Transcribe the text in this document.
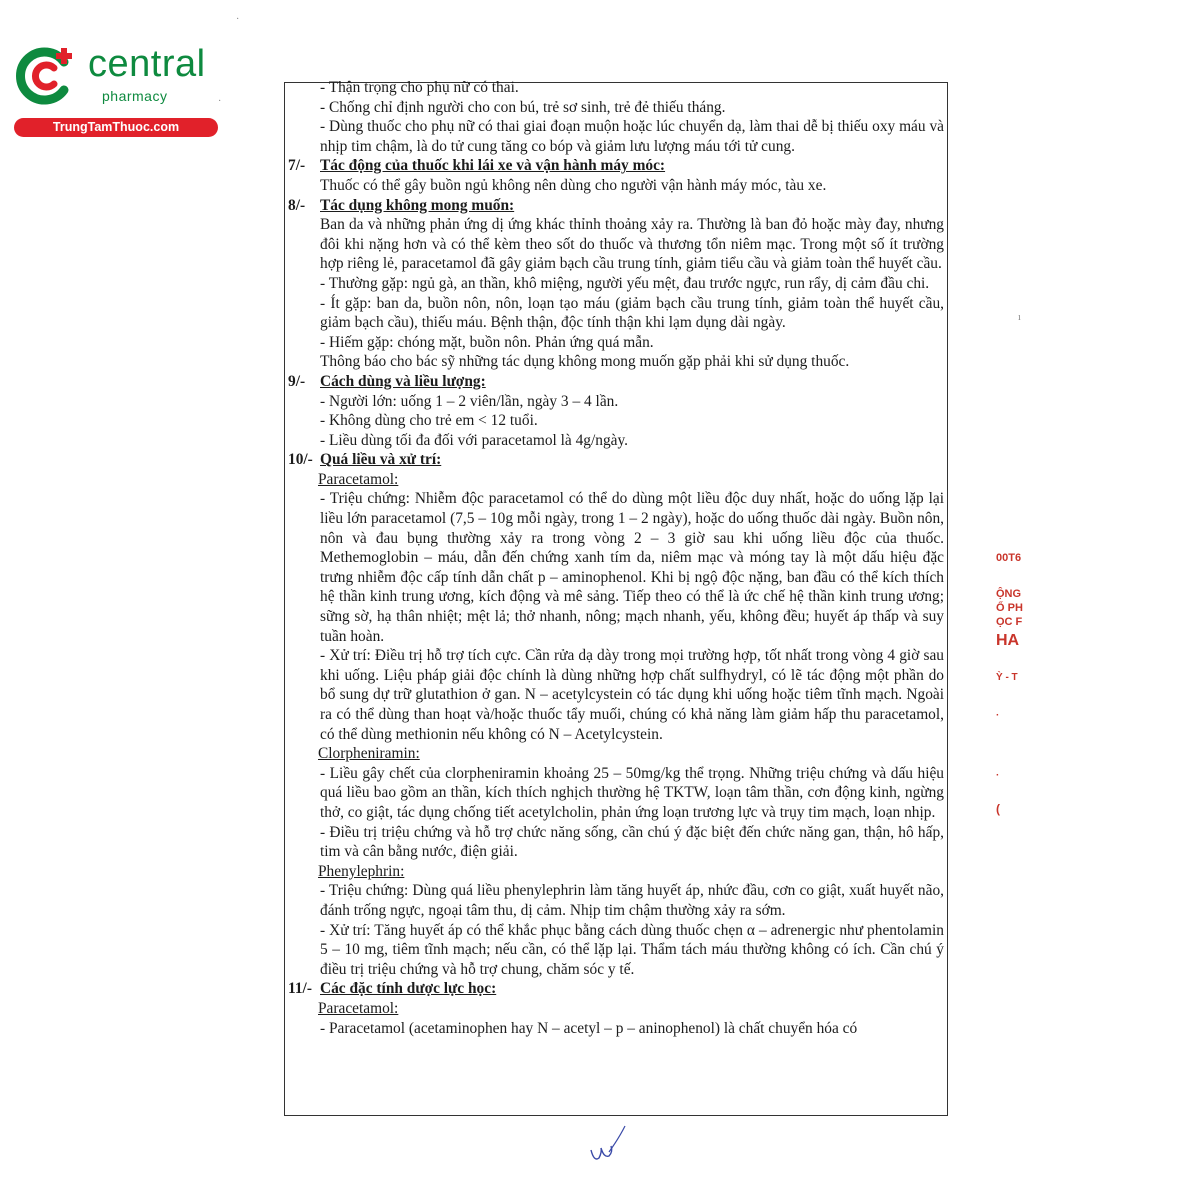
central
pharmacy
TrungTamThuoc.com
·
·
ı

- Thận trọng cho phụ nữ có thai.

- Chống chỉ định người cho con bú, trẻ sơ sinh, trẻ đẻ thiếu tháng.

- Dùng thuốc cho phụ nữ có thai giai đoạn muộn hoặc lúc chuyển dạ, làm thai dễ bị thiếu oxy máu và nhịp tim chậm, là do tử cung tăng co bóp và giảm lưu lượng máu tới tử cung.

7/- Tác động của thuốc khi lái xe và vận hành máy móc:

Thuốc có thể gây buồn ngủ không nên dùng cho người vận hành máy móc, tàu xe.

8/- Tác dụng không mong muốn:

Ban da và những phản ứng dị ứng khác thỉnh thoảng xảy ra. Thường là ban đỏ hoặc mày đay, nhưng đôi khi nặng hơn và có thể kèm theo sốt do thuốc và thương tổn niêm mạc. Trong một số ít trường hợp riêng lẻ, paracetamol đã gây giảm bạch cầu trung tính, giảm tiểu cầu và giảm toàn thể huyết cầu.

- Thường gặp: ngủ gà, an thần, khô miệng, người yếu mệt, đau trước ngực, run rẩy, dị cảm đầu chi.

- Ít gặp: ban da, buồn nôn, nôn, loạn tạo máu (giảm bạch cầu trung tính, giảm toàn thể huyết cầu, giảm bạch cầu), thiếu máu. Bệnh thận, độc tính thận khi lạm dụng dài ngày.

- Hiếm gặp: chóng mặt, buồn nôn. Phản ứng quá mẫn.

Thông báo cho bác sỹ những tác dụng không mong muốn gặp phải khi sử dụng thuốc.

9/- Cách dùng và liều lượng:

- Người lớn: uống 1 – 2 viên/lần, ngày 3 – 4 lần.

- Không dùng cho trẻ em < 12 tuổi.

- Liều dùng tối đa đối với paracetamol là 4g/ngày.

10/- Quá liều và xử trí:

Paracetamol:

- Triệu chứng: Nhiễm độc paracetamol có thể do dùng một liều độc duy nhất, hoặc do uống lặp lại liều lớn paracetamol (7,5 – 10g mỗi ngày, trong 1 – 2 ngày), hoặc do uống thuốc dài ngày. Buồn nôn, nôn và đau bụng thường xảy ra trong vòng 2 – 3 giờ sau khi uống liều độc của thuốc. Methemoglobin – máu, dẫn đến chứng xanh tím da, niêm mạc và móng tay là một dấu hiệu đặc trưng nhiễm độc cấp tính dẫn chất p – aminophenol. Khi bị ngộ độc nặng, ban đầu có thể kích thích hệ thần kinh trung ương, kích động và mê sảng. Tiếp theo có thể là ức chế hệ thần kinh trung ương; sững sờ, hạ thân nhiệt; mệt lả; thở nhanh, nông; mạch nhanh, yếu, không đều; huyết áp thấp và suy tuần hoàn.

- Xử trí: Điều trị hỗ trợ tích cực. Cần rửa dạ dày trong mọi trường hợp, tốt nhất trong vòng 4 giờ sau khi uống. Liệu pháp giải độc chính là dùng những hợp chất sulfhydryl, có lẽ tác động một phần do bổ sung dự trữ glutathion ở gan. N – acetylcystein có tác dụng khi uống hoặc tiêm tĩnh mạch. Ngoài ra có thể dùng than hoạt và/hoặc thuốc tẩy muối, chúng có khả năng làm giảm hấp thu paracetamol, có thể dùng methionin nếu không có N – Acetylcystein.

Clorpheniramin:

- Liều gây chết của clorpheniramin khoảng 25 – 50mg/kg thể trọng. Những triệu chứng và dấu hiệu quá liều bao gồm an thần, kích thích nghịch thường hệ TKTW, loạn tâm thần, cơn động kinh, ngừng thở, co giật, tác dụng chống tiết acetylcholin, phản ứng loạn trương lực và trụy tim mạch, loạn nhịp.

- Điều trị triệu chứng và hỗ trợ chức năng sống, cần chú ý đặc biệt đến chức năng gan, thận, hô hấp, tim và cân bằng nước, điện giải.

Phenylephrin:

- Triệu chứng: Dùng quá liều phenylephrin làm tăng huyết áp, nhức đầu, cơn co giật, xuất huyết não, đánh trống ngực, ngoại tâm thu, dị cảm. Nhịp tim chậm thường xảy ra sớm.

- Xử trí: Tăng huyết áp có thể khắc phục bằng cách dùng thuốc chẹn α – adrenergic như phentolamin 5 – 10 mg, tiêm tĩnh mạch; nếu cần, có thể lặp lại. Thẩm tách máu thường không có ích. Cần chú ý điều trị triệu chứng và hỗ trợ chung, chăm sóc y tế.

11/- Các đặc tính dược lực học:

Paracetamol:

- Paracetamol (acetaminophen hay N – acetyl – p – aninophenol) là chất chuyển hóa có

00T6
ỘNG
Ổ PH
ỌC F
HA
Ỳ - T
·
·
(
